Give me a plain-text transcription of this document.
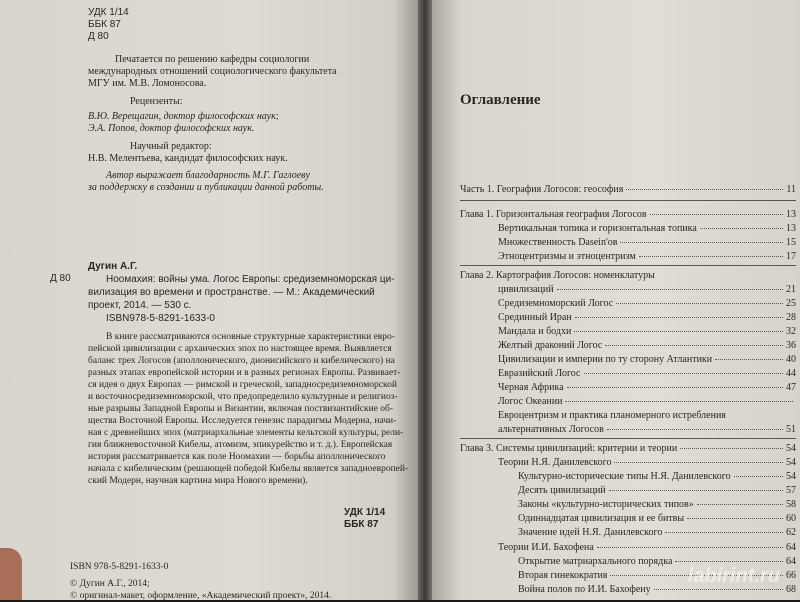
УДК 1/14
ББК 87
Д 80
Печатается по решению кафедры социологии
международных отношений социологического факультета
МГУ им. М.В. Ломоносова.
Рецензенты:
В.Ю. Верещагин, доктор философских наук;
Э.А. Попов, доктор философских наук.
Научный редактор:
Н.В. Мелентьева, кандидат философских наук.
Автор выражает благодарность М.Г. Гаглоеву
за поддержку в создании и публикации данной работы.
Д 80
Дугин А.Г.
Ноомахия: войны ума. Логос Европы: средиземноморская ци-
вилизация во времени и пространстве. — М.: Академический
проект, 2014. — 530 с.
ISBN978-5-8291-1633-0
В книге рассматриваются основные структурные характеристики евро-
пейской цивилизации с архаических эпох по настоящее время. Выявляется
баланс трех Логосов (аполлонического, дионисийского и кибелического) на
разных этапах европейской истории и в разных регионах Европы. Развивает-
ся идея о двух Европах — римской и греческой, западносредиземноморской
и восточносредиземноморской, что предопределило культурные и религиоз-
ные разрывы Западной Европы и Византии, включая поствизантийские об-
щества Восточной Европы. Исследуется генезис парадигмы Модерна, начи-
ная с древнейших эпох (матриархальные элементы кельтской культуры, рели-
гия ближневосточной Кибелы, атомизм, эпикурейство и т. д.). Европейская
история рассматривается как поле Ноомахии — борьбы аполлонического
начала с кибелическим (решающей победой Кибелы является западноевропей-
ский Модерн, научная картина мира Нового времени).
УДК 1/14
ББК 87
ISBN 978-5-8291-1633-0
© Дугин А.Г., 2014;
© оригинал-макет, оформление, «Академический проект», 2014.
Оглавление
Часть 1. География Логосов: геософия	11
Глава 1. Горизонтальная география Логосов	13
Вертикальная топика и горизонтальная топика	13
Множественность Dasein'ов	15
Этноцентризмы и этноцентризм	17
Глава 2. Картография Логосов: номенклатуры
цивилизаций	21
Средиземноморский Логос	25
Срединный Иран	28
Мандала и бодхи	32
Желтый драконий Логос	36
Цивилизации и империи по ту сторону Атлантики	40
Евразийский Логос	44
Черная Африка	47
Логос Океании
Евроцентризм и практика планомерного истребления
альтернативных Логосов	51
Глава 3. Системы цивилизаций: критерии и теории	54
Теории Н.Я. Данилевского	54
Культурно-исторические типы Н.Я. Данилевского	54
Десять цивилизаций	57
Законы «культурно-исторических типов»	58
Одиннадцатая цивилизация и ее битвы	60
Значение идей Н.Я. Данилевского	62
Теории И.И. Бахофена	64
Открытие матриархального порядка	64
Вторая гинекократия	66
Война полов по И.И. Бахофену	68
labirint.ru
